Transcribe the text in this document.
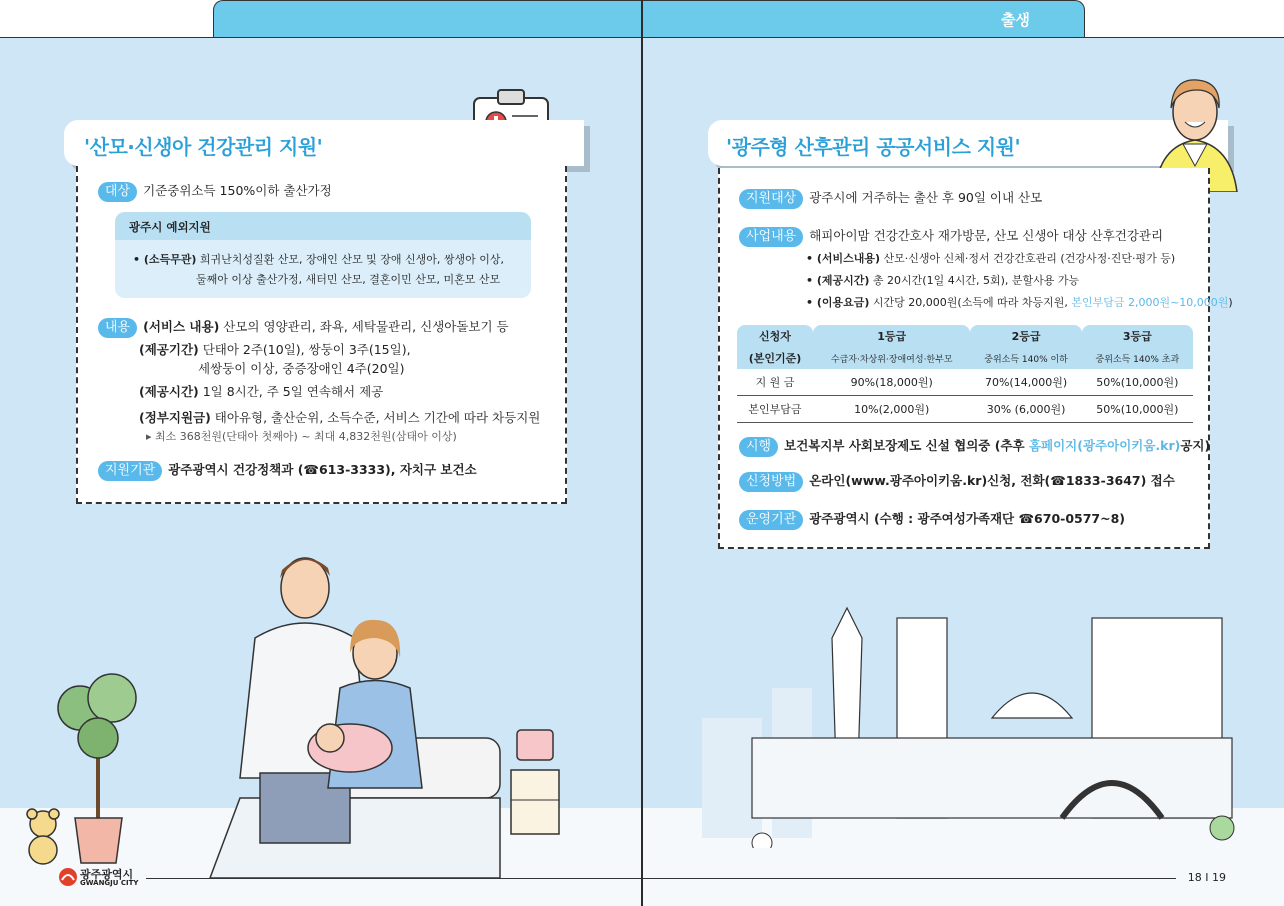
출생
'산모·신생아 건강관리 지원'
대상 기준중위소득 150%이하 출산가정
광주시 예외지원
• (소득무관) 희귀난치성질환 산모, 장애인 산모 및 장애 신생아, 쌍생아 이상,
둘째아 이상 출산가정, 새터민 산모, 결혼이민 산모, 미혼모 산모
내용 (서비스 내용) 산모의 영양관리, 좌욕, 세탁물관리, 신생아돌보기 등
(제공기간) 단태아 2주(10일), 쌍둥이 3주(15일),
세쌍둥이 이상, 중증장애인 4주(20일)
(제공시간) 1일 8시간, 주 5일 연속해서 제공
(정부지원금) 태아유형, 출산순위, 소득수준, 서비스 기간에 따라 차등지원
▸ 최소 368천원(단태아 첫째아) ~ 최대 4,832천원(삼태아 이상)
지원기관 광주광역시 건강정책과 (☎613-3333), 자치구 보건소
'광주형 산후관리 공공서비스 지원'
지원대상 광주시에 거주하는 출산 후 90일 이내 산모
사업내용 해피아이맘 건강간호사 재가방문, 산모 신생아 대상 산후건강관리
• (서비스내용) 산모·신생아 신체·정서 건강간호관리 (건강사정·진단·평가 등)
• (제공시간) 총 20시간(1일 4시간, 5회), 분할사용 가능
• (이용요금) 시간당 20,000원(소득에 따라 차등지원, 본인부담금 2,000원~10,000원)
신청자	1등급	2등급	3등급
(본인기준)	수급자·차상위·장애여성·한부모	중위소득 140% 이하	중위소득 140% 초과

지 원 금	90%(18,000원)	70%(14,000원)	50%(10,000원)
본인부담금	10%(2,000원)	30% (6,000원)	50%(10,000원)
시행 보건복지부 사회보장제도 신설 협의중 (추후 홈페이지(광주아이키움.kr)공지)
신청방법 온라인(www.광주아이키움.kr)신청, 전화(☎1833-3647) 접수
운영기관 광주광역시 (수행 : 광주여성가족재단 ☎670-0577~8)
18 I 19
광주광역시
GWANGJU CITY
